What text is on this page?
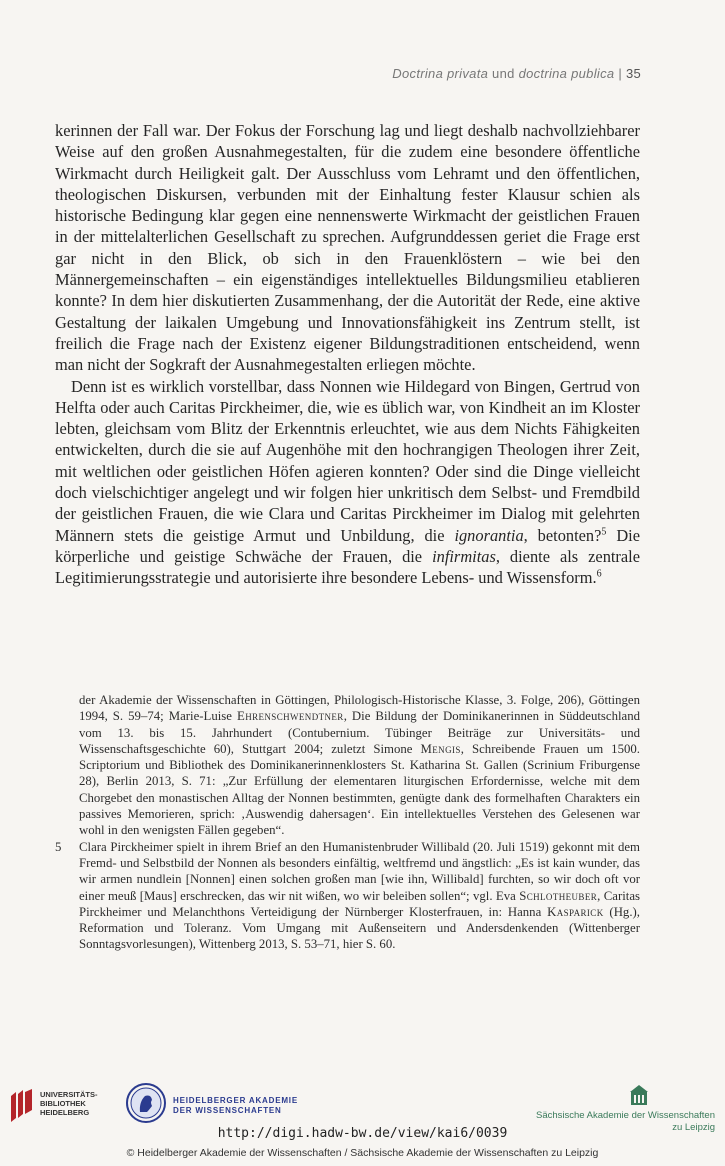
Doctrina privata und doctrina publica | 35

kerinnen der Fall war. Der Fokus der Forschung lag und liegt deshalb nachvollziehbarer Weise auf den großen Ausnahmegestalten, für die zudem eine besondere öffentliche Wirkmacht durch Heiligkeit galt. Der Ausschluss vom Lehramt und den öffentlichen, theologischen Diskursen, verbunden mit der Einhaltung fester Klausur schien als historische Bedingung klar gegen eine nennenswerte Wirkmacht der geistlichen Frauen in der mittelalterlichen Gesellschaft zu sprechen. Aufgrunddessen geriet die Frage erst gar nicht in den Blick, ob sich in den Frauenklöstern – wie bei den Männergemeinschaften – ein eigenständiges intellektuelles Bildungsmilieu etablieren konnte? In dem hier diskutierten Zusammenhang, der die Autorität der Rede, eine aktive Gestaltung der laikalen Umgebung und Innovationsfähigkeit ins Zentrum stellt, ist freilich die Frage nach der Existenz eigener Bildungstraditionen entscheidend, wenn man nicht der Sogkraft der Ausnahmegestalten erliegen möchte.

Denn ist es wirklich vorstellbar, dass Nonnen wie Hildegard von Bingen, Gertrud von Helfta oder auch Caritas Pirckheimer, die, wie es üblich war, von Kindheit an im Kloster lebten, gleichsam vom Blitz der Erkenntnis erleuchtet, wie aus dem Nichts Fähigkeiten entwickelten, durch die sie auf Augenhöhe mit den hochrangigen Theologen ihrer Zeit, mit weltlichen oder geistlichen Höfen agieren konnten? Oder sind die Dinge vielleicht doch vielschichtiger angelegt und wir folgen hier unkritisch dem Selbst- und Fremdbild der geistlichen Frauen, die wie Clara und Caritas Pirckheimer im Dialog mit gelehrten Männern stets die geistige Armut und Unbildung, die ignorantia, betonten?$^5$ Die körperliche und geistige Schwäche der Frauen, die infirmitas, diente als zentrale Legitimierungsstrategie und autorisierte ihre besondere Lebens- und Wissensform.$^6$

der Akademie der Wissenschaften in Göttingen, Philologisch-Historische Klasse, 3. Folge, 206), Göttingen 1994, S. 59–74; Marie-Luise Ehrenschwendtner, Die Bildung der Dominikanerinnen in Süddeutschland vom 13. bis 15. Jahrhundert (Contubernium. Tübinger Beiträge zur Universitäts- und Wissenschaftsgeschichte 60), Stuttgart 2004; zuletzt Simone Mengis, Schreibende Frauen um 1500. Scriptorium und Bibliothek des Dominikanerinnenklosters St. Katharina St. Gallen (Scrinium Friburgense 28), Berlin 2013, S. 71: „Zur Erfüllung der elementaren liturgischen Erfordernisse, welche mit dem Chorgebet den monastischen Alltag der Nonnen bestimmten, genügte dank des formelhaften Charakters ein passives Memorieren, sprich: ‚Auswendig dahersagen‘. Ein intellektuelles Verstehen des Gelesenen war wohl in den wenigsten Fällen gegeben“.

5 Clara Pirckheimer spielt in ihrem Brief an den Humanistenbruder Willibald (20. Juli 1519) gekonnt mit dem Fremd- und Selbstbild der Nonnen als besonders einfältig, weltfremd und ängstlich: „Es ist kain wunder, das wir armen nundlein [Nonnen] einen solchen großen man [wie ihn, Willibald] furchten, so wir doch oft vor einer meuß [Maus] erschrecken, das wir nit wißen, wo wir beleiben sollen“; vgl. Eva Schlotheuber, Caritas Pirckheimer und Melanchthons Verteidigung der Nürnberger Klosterfrauen, in: Hanna Kasparick (Hg.), Reformation und Toleranz. Vom Umgang mit Außenseitern und Andersdenkenden (Wittenberger Sonntagsvorlesungen), Wittenberg 2013, S. 53–71, hier S. 60.

UNIVERSITÄTS-
BIBLIOTHEK
HEIDELBERG
HEIDELBERGER AKADEMIE
DER WISSENSCHAFTEN	Sächsische Akademie der Wissenschaften
zu Leipzig
http://digi.hadw-bw.de/view/kai6/0039
© Heidelberger Akademie der Wissenschaften / Sächsische Akademie der Wissenschaften zu Leipzig
